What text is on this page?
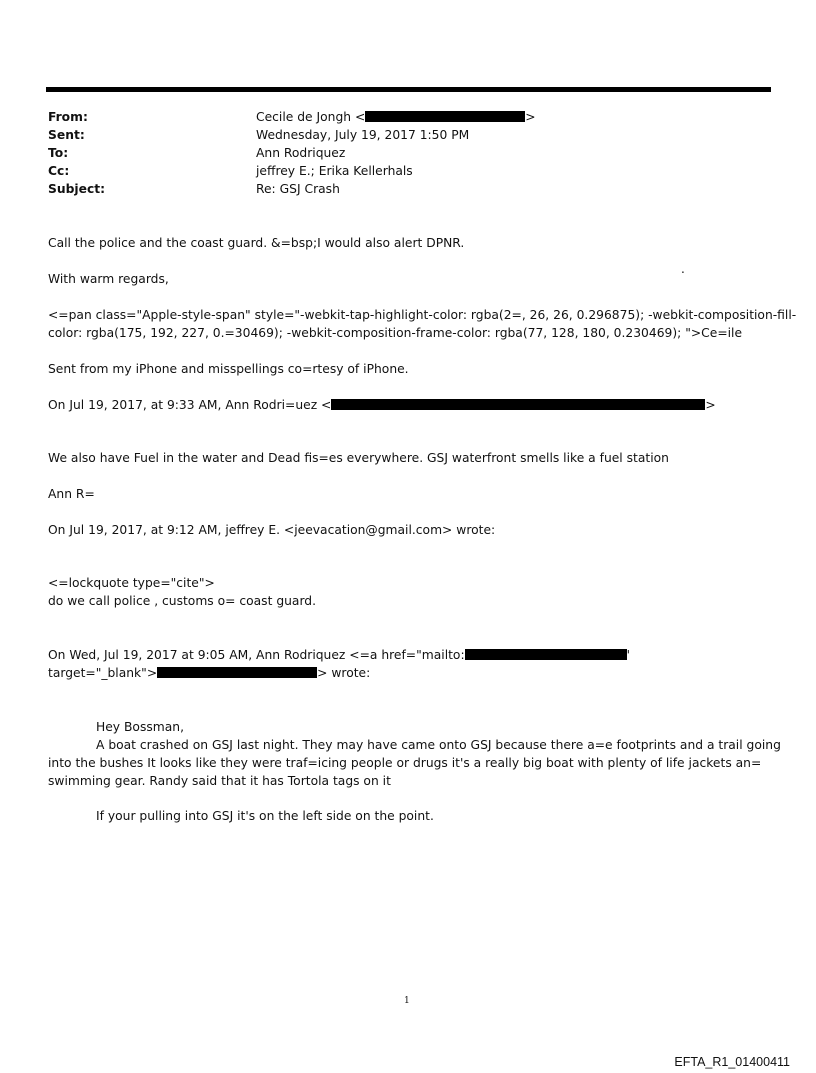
From:	Cecile de Jongh <	>
Sent:	Wednesday, July 19, 2017 1:50 PM
To:	Ann Rodriquez
Cc:	jeffrey E.; Erika Kellerhals
Subject:	Re: GSJ Crash
Call the police and the coast guard. &=bsp;I would also alert DPNR.
.
With warm regards,
<=pan class="Apple-style-span" style="-webkit-tap-highlight-color: rgba(2=, 26, 26, 0.296875); -webkit-composition-fill-
color: rgba(175, 192, 227, 0.=30469); -webkit-composition-frame-color: rgba(77, 128, 180, 0.230469); ">Ce=ile
Sent from my iPhone and misspellings co=rtesy of iPhone.
On Jul 19, 2017, at 9:33 AM, Ann Rodri=uez <	>
We also have Fuel in the water and Dead fis=es everywhere. GSJ waterfront smells like a fuel station
Ann R=
On Jul 19, 2017, at 9:12 AM, jeffrey E. <jeevacation@gmail.com> wrote:
<=lockquote type="cite">
do we call police , customs o= coast guard.
On Wed, Jul 19, 2017 at 9:05 AM, Ann Rodriquez <=a href="mailto:	'
target="_blank">	> wrote:
Hey Bossman,
A boat crashed on GSJ last night. They may have came onto GSJ because there a=e footprints and a trail going
into the bushes It looks like they were traf=icing people or drugs it's a really big boat with plenty of life jackets an=
swimming gear. Randy said that it has Tortola tags on it
If your pulling into GSJ it's on the left side on the point.
1
EFTA_R1_01400411
